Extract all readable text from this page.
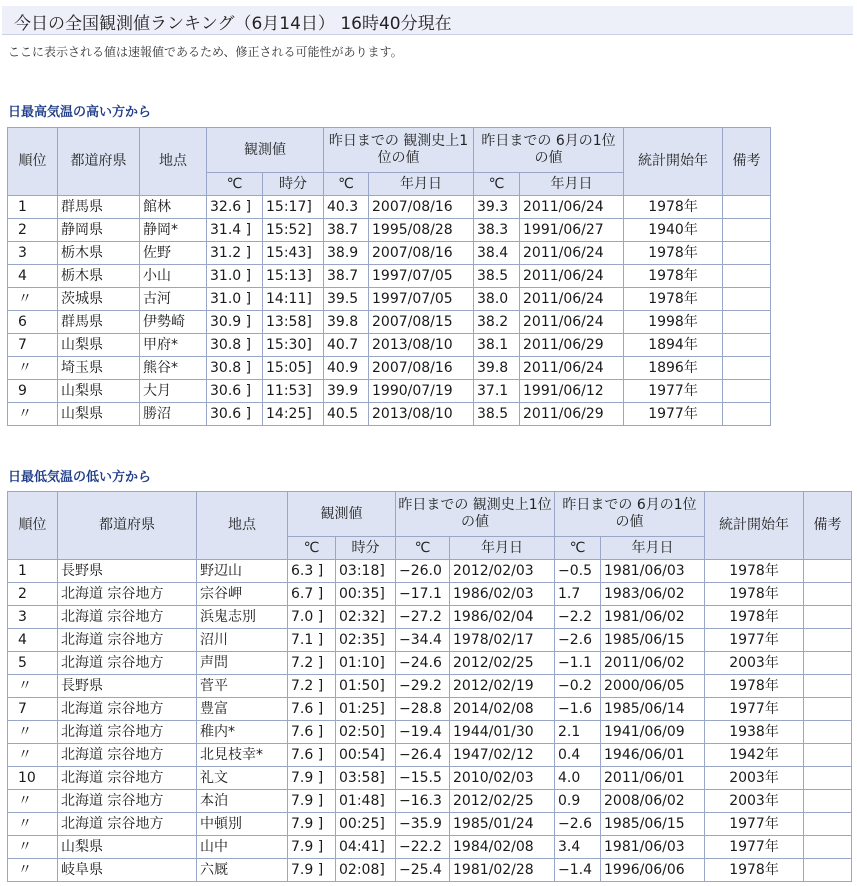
今日の全国観測値ランキング（6月14日） 16時40分現在
ここに表示される値は速報値であるため、修正される可能性があります。
日最高気温の高い方から
順位	都道府県	地点	観測値		昨日までの 観測史上1位の値		昨日までの 6月の1位の値		統計開始年	備考
			℃	時分	℃	年月日	℃	年月日		
1	群馬県	館林	32.6 ]	15:17]	40.3	2007/08/16	39.3	2011/06/24	1978年	
2	静岡県	静岡*	31.4 ]	15:52]	38.7	1995/08/28	38.3	1991/06/27	1940年	
3	栃木県	佐野	31.2 ]	15:43]	38.9	2007/08/16	38.4	2011/06/24	1978年	
4	栃木県	小山	31.0 ]	15:13]	38.7	1997/07/05	38.5	2011/06/24	1978年	
〃	茨城県	古河	31.0 ]	14:11]	39.5	1997/07/05	38.0	2011/06/24	1978年	
6	群馬県	伊勢崎	30.9 ]	13:58]	39.8	2007/08/15	38.2	2011/06/24	1998年	
7	山梨県	甲府*	30.8 ]	15:30]	40.7	2013/08/10	38.1	2011/06/29	1894年	
〃	埼玉県	熊谷*	30.8 ]	15:05]	40.9	2007/08/16	39.8	2011/06/24	1896年	
9	山梨県	大月	30.6 ]	11:53]	39.9	1990/07/19	37.1	1991/06/12	1977年	
〃	山梨県	勝沼	30.6 ]	14:25]	40.5	2013/08/10	38.5	2011/06/29	1977年	
日最低気温の低い方から
順位	都道府県	地点	観測値		昨日までの 観測史上1位の値		昨日までの 6月の1位の値		統計開始年	備考
			℃	時分	℃	年月日	℃	年月日		
1	長野県	野辺山	6.3 ]	03:18]	−26.0	2012/02/03	−0.5	1981/06/03	1978年	
2	北海道 宗谷地方	宗谷岬	6.7 ]	00:35]	−17.1	1986/02/03	1.7	1983/06/02	1978年	
3	北海道 宗谷地方	浜鬼志別	7.0 ]	02:32]	−27.2	1986/02/04	−2.2	1981/06/02	1978年	
4	北海道 宗谷地方	沼川	7.1 ]	02:35]	−34.4	1978/02/17	−2.6	1985/06/15	1977年	
5	北海道 宗谷地方	声問	7.2 ]	01:10]	−24.6	2012/02/25	−1.1	2011/06/02	2003年	
〃	長野県	菅平	7.2 ]	01:50]	−29.2	2012/02/19	−0.2	2000/06/05	1978年	
7	北海道 宗谷地方	豊富	7.6 ]	01:25]	−28.8	2014/02/08	−1.6	1985/06/14	1977年	
〃	北海道 宗谷地方	稚内*	7.6 ]	02:50]	−19.4	1944/01/30	2.1	1941/06/09	1938年	
〃	北海道 宗谷地方	北見枝幸*	7.6 ]	00:54]	−26.4	1947/02/12	0.4	1946/06/01	1942年	
10	北海道 宗谷地方	礼文	7.9 ]	03:58]	−15.5	2010/02/03	4.0	2011/06/01	2003年	
〃	北海道 宗谷地方	本泊	7.9 ]	01:48]	−16.3	2012/02/25	0.9	2008/06/02	2003年	
〃	北海道 宗谷地方	中頓別	7.9 ]	00:25]	−35.9	1985/01/24	−2.6	1985/06/15	1977年	
〃	山梨県	山中	7.9 ]	04:41]	−22.2	1984/02/08	3.4	1981/06/03	1977年	
〃	岐阜県	六厩	7.9 ]	02:08]	−25.4	1981/02/28	−1.4	1996/06/06	1978年	
